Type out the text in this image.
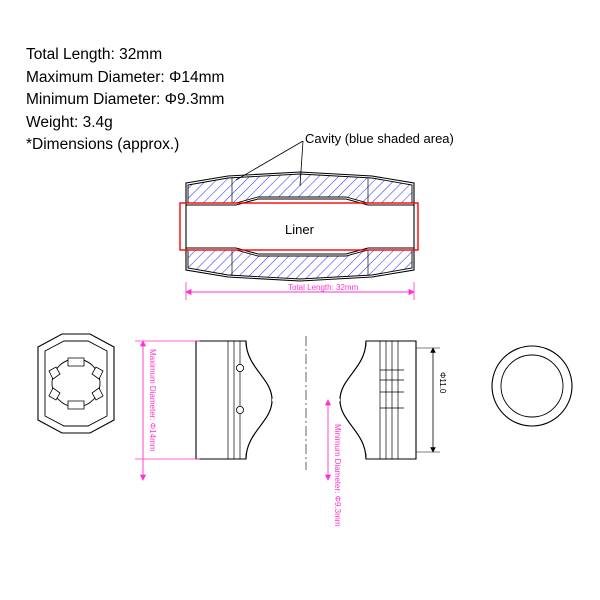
Total Length: 32mm
Maximum Diameter: Φ14mm
Minimum Diameter: Φ9.3mm
Weight: 3.4g
*Dimensions (approx.)	Cavity (blue shaded area)
Liner
Total Length: 32mm
Maximum Diameter: Φ14mm
Minimum Diameter: Φ9.3mm
Φ11.0
